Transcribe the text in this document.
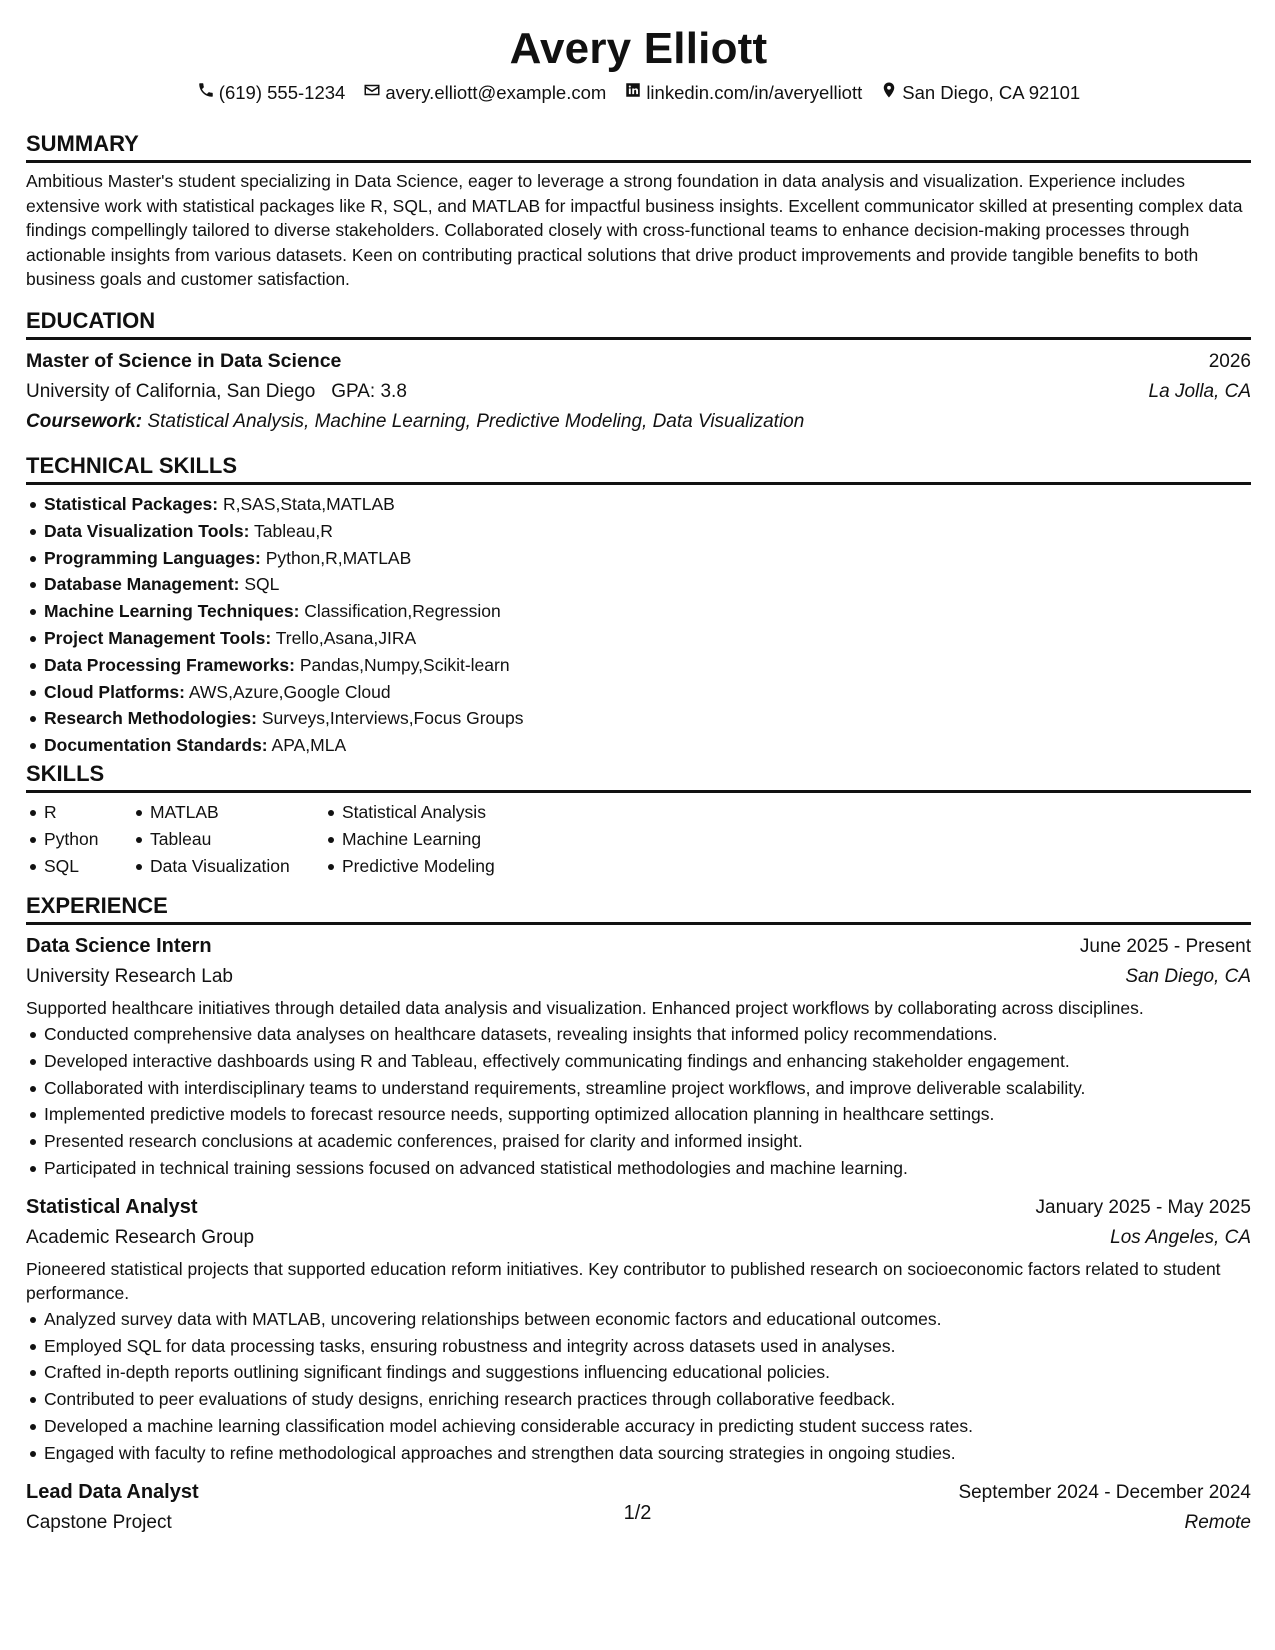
Avery Elliott
(619) 555-1234 avery.elliott@example.com linkedin.com/in/averyelliott San Diego, CA 92101
SUMMARY

Ambitious Master's student specializing in Data Science, eager to leverage a strong foundation in data analysis and visualization. Experience includes extensive work with statistical packages like R, SQL, and MATLAB for impactful business insights. Excellent communicator skilled at presenting complex data findings compellingly tailored to diverse stakeholders. Collaborated closely with cross-functional teams to enhance decision-making processes through actionable insights from various datasets. Keen on contributing practical solutions that drive product improvements and provide tangible benefits to both business goals and customer satisfaction.

EDUCATION
Master of Science in Data Science	2026
University of California, San Diego GPA: 3.8	La Jolla, CA
Coursework: Statistical Analysis, Machine Learning, Predictive Modeling, Data Visualization
TECHNICAL SKILLS
Statistical Packages: R,SAS,Stata,MATLAB
Data Visualization Tools: Tableau,R
Programming Languages: Python,R,MATLAB
Database Management: SQL
Machine Learning Techniques: Classification,Regression
Project Management Tools: Trello,Asana,JIRA
Data Processing Frameworks: Pandas,Numpy,Scikit-learn
Cloud Platforms: AWS,Azure,Google Cloud
Research Methodologies: Surveys,Interviews,Focus Groups
Documentation Standards: APA,MLA
SKILLS
R
Python
SQL
MATLAB
Tableau
Data Visualization
Statistical Analysis
Machine Learning
Predictive Modeling
EXPERIENCE
Data Science Intern	June 2025 - Present
University Research Lab	San Diego, CA

Supported healthcare initiatives through detailed data analysis and visualization. Enhanced project workflows by collaborating across disciplines.

Conducted comprehensive data analyses on healthcare datasets, revealing insights that informed policy recommendations.
Developed interactive dashboards using R and Tableau, effectively communicating findings and enhancing stakeholder engagement.
Collaborated with interdisciplinary teams to understand requirements, streamline project workflows, and improve deliverable scalability.
Implemented predictive models to forecast resource needs, supporting optimized allocation planning in healthcare settings.
Presented research conclusions at academic conferences, praised for clarity and informed insight.
Participated in technical training sessions focused on advanced statistical methodologies and machine learning.
Statistical Analyst	January 2025 - May 2025
Academic Research Group	Los Angeles, CA

Pioneered statistical projects that supported education reform initiatives. Key contributor to published research on socioeconomic factors related to student performance.

Analyzed survey data with MATLAB, uncovering relationships between economic factors and educational outcomes.
Employed SQL for data processing tasks, ensuring robustness and integrity across datasets used in analyses.
Crafted in-depth reports outlining significant findings and suggestions influencing educational policies.
Contributed to peer evaluations of study designs, enriching research practices through collaborative feedback.
Developed a machine learning classification model achieving considerable accuracy in predicting student success rates.
Engaged with faculty to refine methodological approaches and strengthen data sourcing strategies in ongoing studies.
Lead Data Analyst	September 2024 - December 2024
Capstone Project	Remote
1/2
